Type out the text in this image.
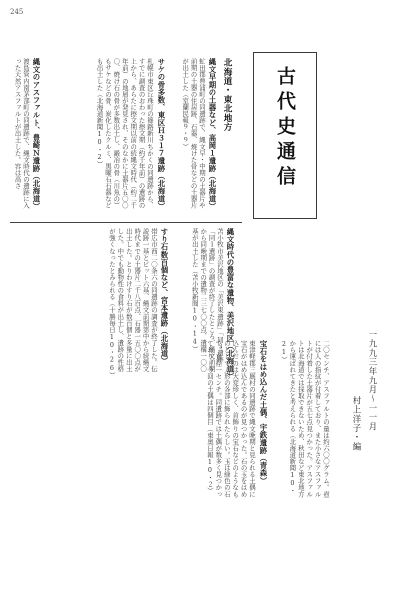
245
古代史通信
一九九三年九月～一一月
村上洋子・編
北海道・東北地方
縄文早期の土器など、高岡１遺跡（北海道）
虻田郡豊浦町の同遺跡で、縄文早・中期の土器片や前期の土器の住居跡、石器、焼けた骨などの土器片が出土した（室蘭民報９・９）
サケの骨多数、東区Ｈ３１７遺跡（北海道）
札幌市東区丘珠町の篠路新川ちかくの同遺跡から、すでに調査のおわった擦文期（約千年前）の遺跡の上から、あらたに擦文期以前の続縄文時代（約二千年前）の地層が発見され、そのなかに土器片五〇〇〇、焼け石の骨が多数出土し、鍛冶の骨（川魚の）もサケなどの骨、炭化したクルミ、黒曜石石器なども出土した（北海道新聞10・2）
縄文のアスファルト、豊崎Ｎ遺跡（北海道）
渡島管内南茅部町の同遺跡で、縄文時代の遺跡に入った天然アスファルトが出土した。容は高さ
縄文時代の豊富な遺物、美沢地区（北海道）
苫小牧市美沢地区の「美沢東遺跡」「同３遺跡」「同１遺跡」の調査が終了したところ、縄文前期から同晩期までの遺物二三七〇〇点、遺構一〇〇基が出土した（苫小牧新聞10・14）
すり石数百個など、宮本遺跡（北海道）
帯広市西二〇条六の同遺跡の調査が終了した。伝説跡一基とピット六基、縄文前期第中から続縄文時代までの土器片二千八百点、石器一五〇〇点が出土した。とりわけすり石が数百個と多量に出土した。中でも動物性の食料が出土し、遺跡の性格が強くなったとみられる（十勝毎日10・26）
二〇センチ、アスファルトの量は約六〇〇グラム。壺には人の指紋が付着しており、また小さなアスファルトが付着した土器片が五七点見つかった。アスファルトは北海道では採取できないため、秋田など東北地方から運ばれてきたと考えられる（北海道新聞10・21）
宝石をはめ込んだ土偶、宇鉄遺跡（青森）
東津軽郡三厩村の同遺跡で縄文晩期と見られる土偶に宝石がはめ込んであるのが見つかった。石の玉をはめ込んだのは大変珍しく、首飾りの宝石などのようなものとして人形の各部に飾られたらしい。玉は緑色の石で、直径一センチ。同遺跡では土偶が数多く見つかっており、今回の土偶は四個目（東奥日報10・２）
